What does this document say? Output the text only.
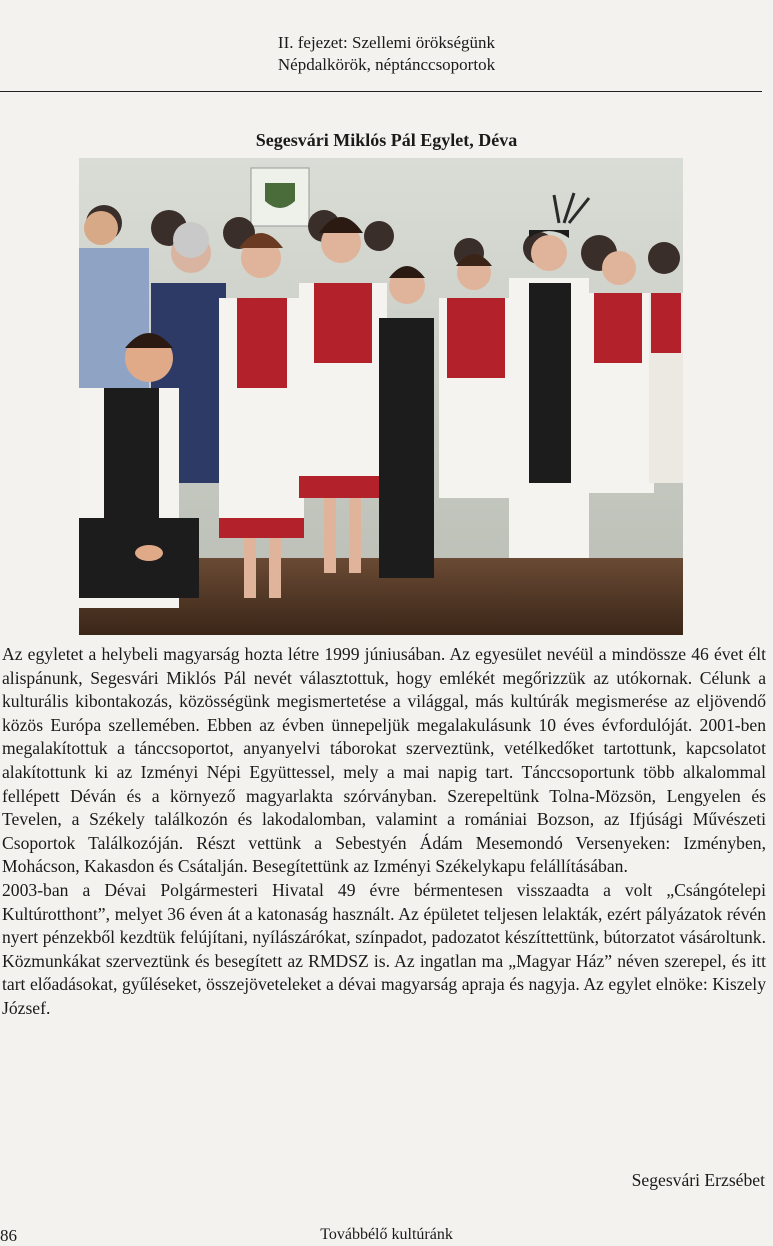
II. fejezet: Szellemi örökségünk
Népdalkörök, néptánccsoportok
Segesvári Miklós Pál Egylet, Déva

Az egyletet a helybeli magyarság hozta létre 1999 júniusában. Az egyesület nevéül a mindössze 46 évet élt alispánunk, Segesvári Miklós Pál nevét választottuk, hogy emlékét megőrizzük az utókornak. Célunk a kulturális kibontakozás, közösségünk megismertetése a világgal, más kultúrák megismerése az eljövendő közös Európa szellemében. Ebben az évben ünnepeljük megalakulásunk 10 éves évfordulóját. 2001-ben megalakítottuk a tánccsoportot, anyanyelvi táborokat szerveztünk, vetélkedőket tartottunk, kapcsolatot alakítottunk ki az Izményi Népi Együttessel, mely a mai napig tart. Tánccsoportunk több alkalommal fellépett Déván és a környező magyarlakta szórványban. Szerepeltünk Tolna-Mözsön, Lengyelen és Tevelen, a Székely találkozón és lakodalomban, valamint a romániai Bozson, az Ifjúsági Művészeti Csoportok Találkozóján. Részt vettünk a Sebestyén Ádám Mesemondó Versenyeken: Izményben, Mohácson, Kakasdon és Csátalján. Besegítettünk az Izményi Székelykapu felállításában.

2003-ban a Dévai Polgármesteri Hivatal 49 évre bérmentesen visszaadta a volt „Csángótelepi Kultúrotthont”, melyet 36 éven át a katonaság használt. Az épületet teljesen lelakták, ezért pályázatok révén nyert pénzekből kezdtük felújítani, nyílászárókat, színpadot, padozatot készíttettünk, bútorzatot vásároltunk. Közmunkákat szerveztünk és besegített az RMDSZ is. Az ingatlan ma „Magyar Ház” néven szerepel, és itt tart előadásokat, gyűléseket, összejöveteleket a dévai magyarság apraja és nagyja. Az egylet elnöke: Kiszely József.

Segesvári Erzsébet
86	Továbbélő kultúránk
